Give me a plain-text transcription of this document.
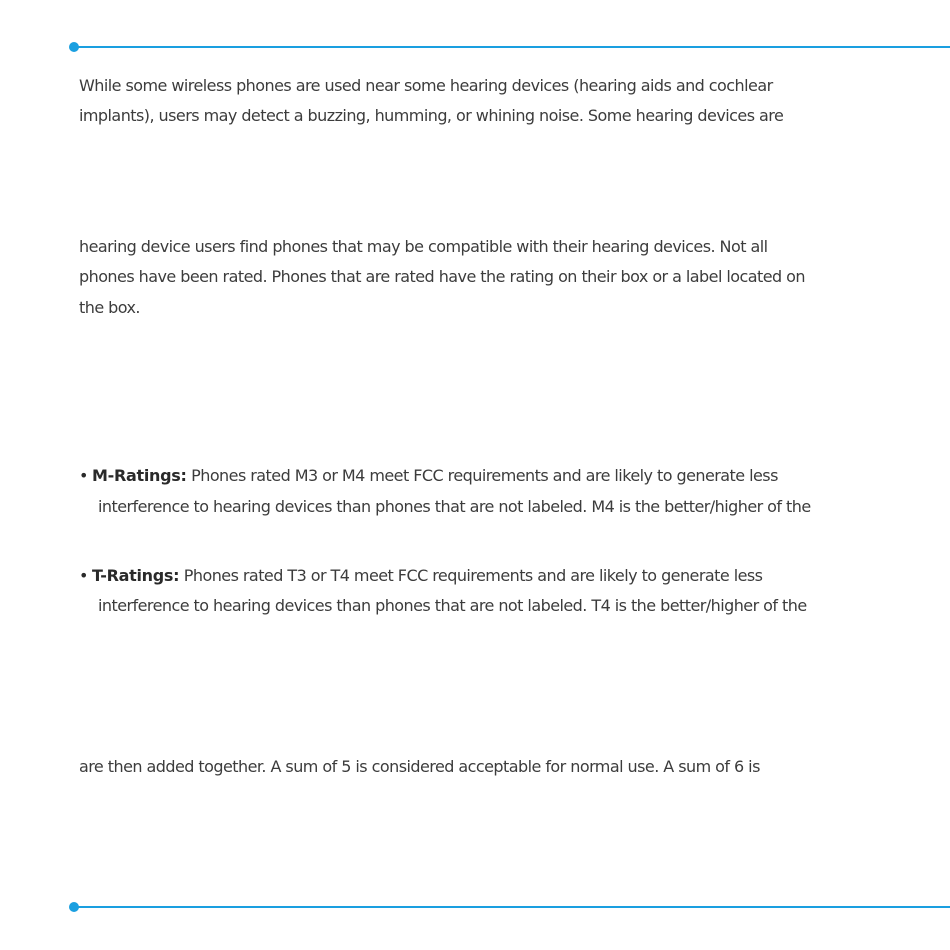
While some wireless phones are used near some hearing devices (hearing aids and cochlear

implants), users may detect a buzzing, humming, or whining noise. Some hearing devices are

hearing device users find phones that may be compatible with their hearing devices. Not all

phones have been rated. Phones that are rated have the rating on their box or a label located on

the box.

• M-Ratings: Phones rated M3 or M4 meet FCC requirements and are likely to generate less

interference to hearing devices than phones that are not labeled. M4 is the better/higher of the

• T-Ratings: Phones rated T3 or T4 meet FCC requirements and are likely to generate less

interference to hearing devices than phones that are not labeled. T4 is the better/higher of the

are then added together. A sum of 5 is considered acceptable for normal use. A sum of 6 is
